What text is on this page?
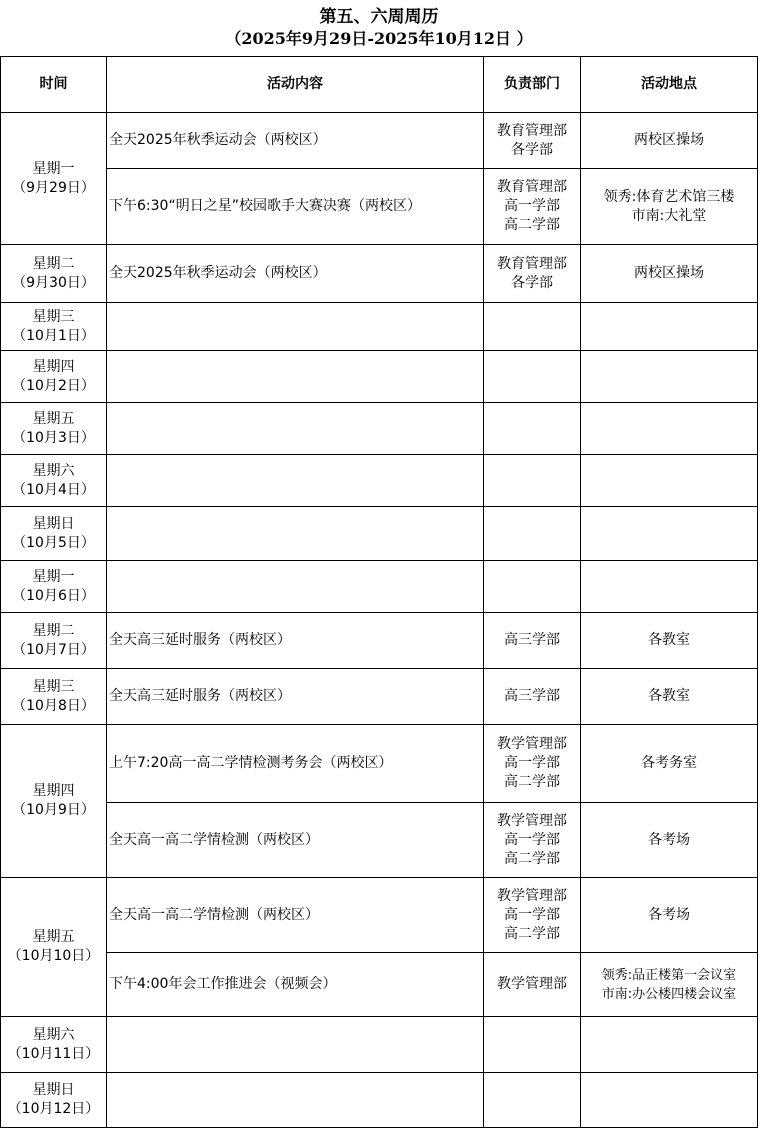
第五、六周周历
（2025年9月29日-2025年10月12日 ）
时间	活动内容	负责部门	活动地点

星期一
（9月29日）	全天2025年秋季运动会（两校区）	教育管理部
各学部	两校区操场

	下午6:30“明日之星”校园歌手大赛决赛（两校区）	教育管理部
高一学部
高二学部	领秀:体育艺术馆三楼
市南:大礼堂

星期二
（9月30日）	全天2025年秋季运动会（两校区）	教育管理部
各学部	两校区操场

星期三
（10月1日）			

星期四
（10月2日）			

星期五
（10月3日）			

星期六
（10月4日）			

星期日
（10月5日）			

星期一
（10月6日）			

星期二
（10月7日）	全天高三延时服务（两校区）	高三学部	各教室

星期三
（10月8日）	全天高三延时服务（两校区）	高三学部	各教室

星期四
（10月9日）	上午7:20高一高二学情检测考务会（两校区）	教学管理部
高一学部
高二学部	各考务室

	全天高一高二学情检测（两校区）	教学管理部
高一学部
高二学部	各考场

星期五
（10月10日）	全天高一高二学情检测（两校区）	教学管理部
高一学部
高二学部	各考场

	下午4:00年会工作推进会（视频会）	教学管理部	领秀:品正楼第一会议室
市南:办公楼四楼会议室

星期六
（10月11日）			

星期日
（10月12日）			
